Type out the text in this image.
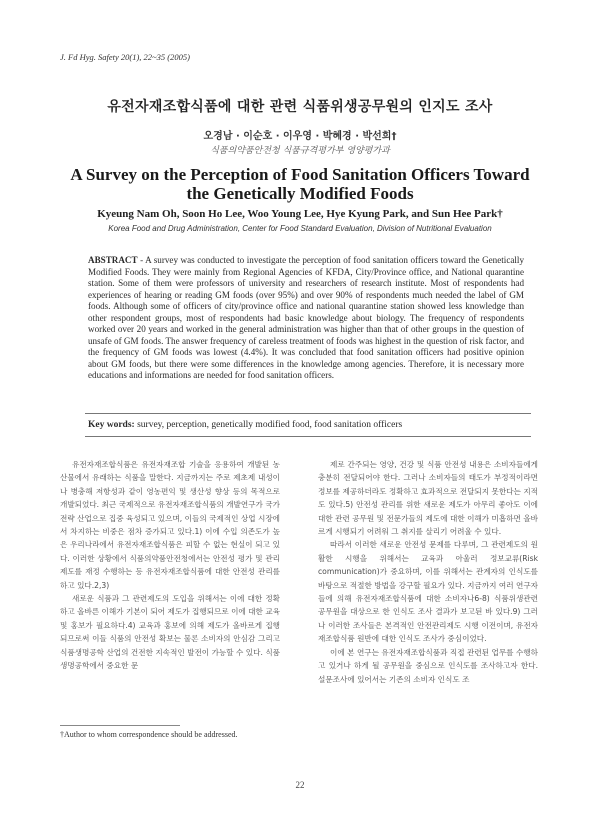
J. Fd Hyg. Safety 20(1), 22~35 (2005)
유전자재조합식품에 대한 관련 식품위생공무원의 인지도 조사
오경남 · 이순호 · 이우영 · 박혜경 · 박선희†
식품의약품안전청 식품규격평가부 영양평가과
A Survey on the Perception of Food Sanitation Officers Toward the Genetically Modified Foods
Kyeung Nam Oh, Soon Ho Lee, Woo Young Lee, Hye Kyung Park, and Sun Hee Park†
Korea Food and Drug Administration, Center for Food Standard Evaluation, Division of Nutritional Evaluation
ABSTRACT - A survey was conducted to investigate the perception of food sanitation officers toward the Genetically Modified Foods. They were mainly from Regional Agencies of KFDA, City/Province office, and National quarantine station. Some of them were professors of university and researchers of research institute. Most of respondents had experiences of hearing or reading GM foods (over 95%) and over 90% of respondents much needed the label of GM foods. Although some of officers of city/province office and national quarantine station showed less knowledge than other respondent groups, most of respondents had basic knowledge about biology. The frequency of respondents worked over 20 years and worked in the general administration was higher than that of other groups in the question of unsafe of GM foods. The answer frequency of careless treatment of foods was highest in the question of risk factor, and the frequency of GM foods was lowest (4.4%). It was concluded that food sanitation officers had positive opinion about GM foods, but there were some differences in the knowledge among agencies. Therefore, it is necessary more educations and informations are needed for food sanitation officers.
Key words: survey, perception, genetically modified food, food sanitation officers

유전자재조합식품은 유전자재조합 기술을 응용하여 개발된 농산물에서 유래하는 식품을 말한다. 지금까지는 주로 제초제 내성이나 병충해 저항성과 같이 영농편익 및 생산성 향상 등의 목적으로 개발되었다. 최근 국제적으로 유전자재조합식품의 개발연구가 국가 전략 산업으로 집중 육성되고 있으며, 이들의 국제적인 상업 시장에서 차지하는 비중은 점차 증가되고 있다.1) 이에 수입 의존도가 높은 우리나라에서 유전자재조합식품은 피할 수 없는 현실이 되고 있다. 이러한 상황에서 식품의약품안전청에서는 안전성 평가 및 관리 제도를 재정 수행하는 등 유전자재조합식품에 대한 안전성 관리를 하고 있다.2,3)

새로운 식품과 그 관련제도의 도입을 위해서는 이에 대한 정확하고 올바른 이해가 기본이 되어 제도가 집행되므로 이에 대한 교육 및 홍보가 필요하다.4) 교육과 홍보에 의해 제도가 올바르게 집행되므로써 이들 식품의 안전성 확보는 물론 소비자의 안심감 그리고 식품생명공학 산업의 건전한 지속적인 발전이 가능할 수 있다. 식품생명공학에서 중요한 문

제로 간주되는 영양, 건강 및 식품 안전성 내용은 소비자들에게 충분히 전달되어야 한다. 그러나 소비자들의 태도가 부정적이라면 정보를 제공하더라도 정확하고 효과적으로 전달되지 못한다는 지적도 있다.5) 안전성 관리를 위한 새로운 제도가 아무리 좋아도 이에 대한 관련 공무원 및 전문가들의 제도에 대한 이해가 미흡하면 올바르게 시행되기 어려워 그 취지를 살리기 어려울 수 있다.

따라서 이러한 새로운 안전성 문제를 다루며, 그 관련제도의 원활한 시행을 위해서는 교육과 아울러 정보교류(Risk communication)가 중요하며, 이를 위해서는 관계자의 인식도를 바탕으로 적절한 방법을 강구할 필요가 있다. 지금까지 여러 연구자들에 의해 유전자재조합식품에 대한 소비자나6-8) 식품위생관련 공무원을 대상으로 한 인식도 조사 결과가 보고된 바 있다.9) 그러나 이러한 조사들은 본격적인 안전관리제도 시행 이전이며, 유전자재조합식품 원반에 대한 인식도 조사가 중심이었다.

이에 본 연구는 유전자재조합식품과 직접 관련된 업무를 수행하고 있거나 하게 될 공무원을 중심으로 인식도를 조사하고자 한다. 설문조사에 있어서는 기존의 소비자 인식도 조

†Author to whom correspondence should be addressed.
22
